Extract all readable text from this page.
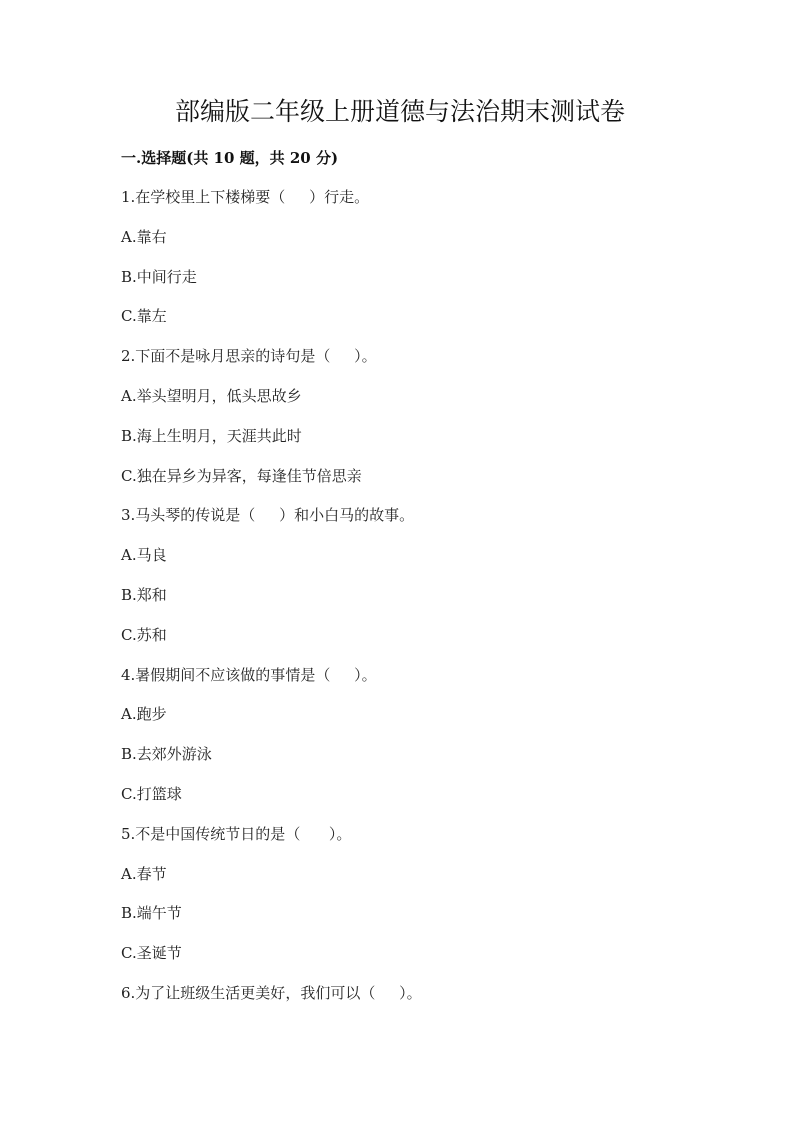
部编版二年级上册道德与法治期末测试卷
一.选择题(共 10 题，共 20 分)
1.在学校里上下楼梯要（     ）行走。
A.靠右
B.中间行走
C.靠左
2.下面不是咏月思亲的诗句是（     ）。
A.举头望明月，低头思故乡
B.海上生明月，天涯共此时
C.独在异乡为异客，每逢佳节倍思亲
3.马头琴的传说是（     ）和小白马的故事。
A.马良
B.郑和
C.苏和
4.暑假期间不应该做的事情是（     ）。
A.跑步
B.去郊外游泳
C.打篮球
5.不是中国传统节日的是（      ）。
A.春节
B.端午节
C.圣诞节
6.为了让班级生活更美好，我们可以（     ）。
